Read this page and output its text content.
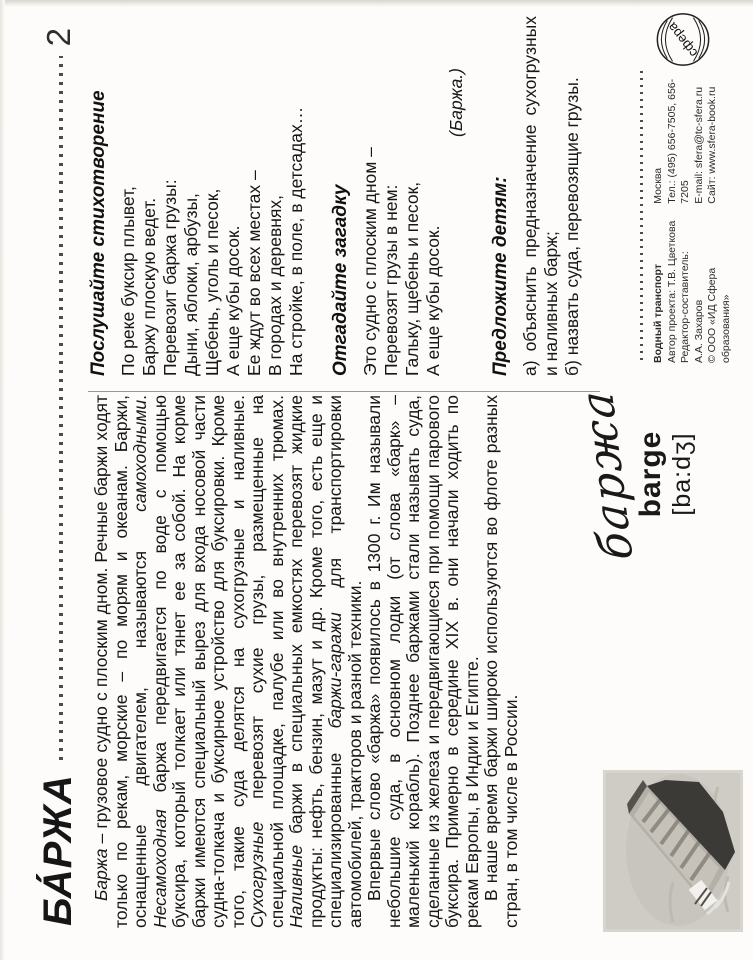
БА́РЖА
2

Баржа – грузовое судно с плоским дном. Речные баржи ходят только по рекам, морские – по морям и океанам. Баржи, оснащенные двигателем, называются самоходными. Несамоходная баржа передвигается по воде с помощью буксира, который толкает или тянет ее за собой. На корме баржи имеются специальный вырез для входа носовой части судна-толкача и буксирное устройство для буксировки. Кроме того, такие суда делятся на сухогрузные и наливные. Сухогрузные перевозят сухие грузы, размещенные на специальной площадке, палубе или во внутренних трюмах. Наливные баржи в специальных емкостях перевозят жидкие продукты: нефть, бензин, мазут и др. Кроме того, есть еще и специализированные баржи-гаражи для транспортировки автомобилей, тракторов и разной техники. Впервые слово «баржа» появилось в 1300 г. Им называли небольшие суда, в основном лодки (от слова «барк» – маленький корабль). Позднее баржами стали называть суда, сделанные из железа и передвигающиеся при помощи парового буксира. Примерно в середине XIX в. они начали ходить по рекам Европы, в Индии и Египте. В наше время баржи широко используются во флоте разных стран, в том числе в России.

баржа
barge [ba:dʒ]
Послушайте стихотворение По реке буксир плывет, Баржу плоскую ведет. Перевозит баржа грузы: Дыни, яблоки, арбузы, Щебень, уголь и песок, А еще кубы досок. Ее ждут во всех местах – В городах и деревнях, На стройке, в поле, в детсадах… Отгадайте загадку Это судно с плоским дном – Перевозят грузы в нем: Гальку, щебень и песок, А еще кубы досок.
(Баржа.)
Предложите детям: а) объяснить предназначение сухогрузных и наливных барж; б) назвать суда, перевозящие грузы.	Водный транспорт Автор проекта: Т.В. Цветкова Редактор-составитель: А.А. Захаров © ООО «ИД Сфера образования»
Москва Тел.: (495) 656-7505, 656-7205 E-mail: sfera@tc-sfera.ru Сайт: www.sfera-book.ru
сфера
